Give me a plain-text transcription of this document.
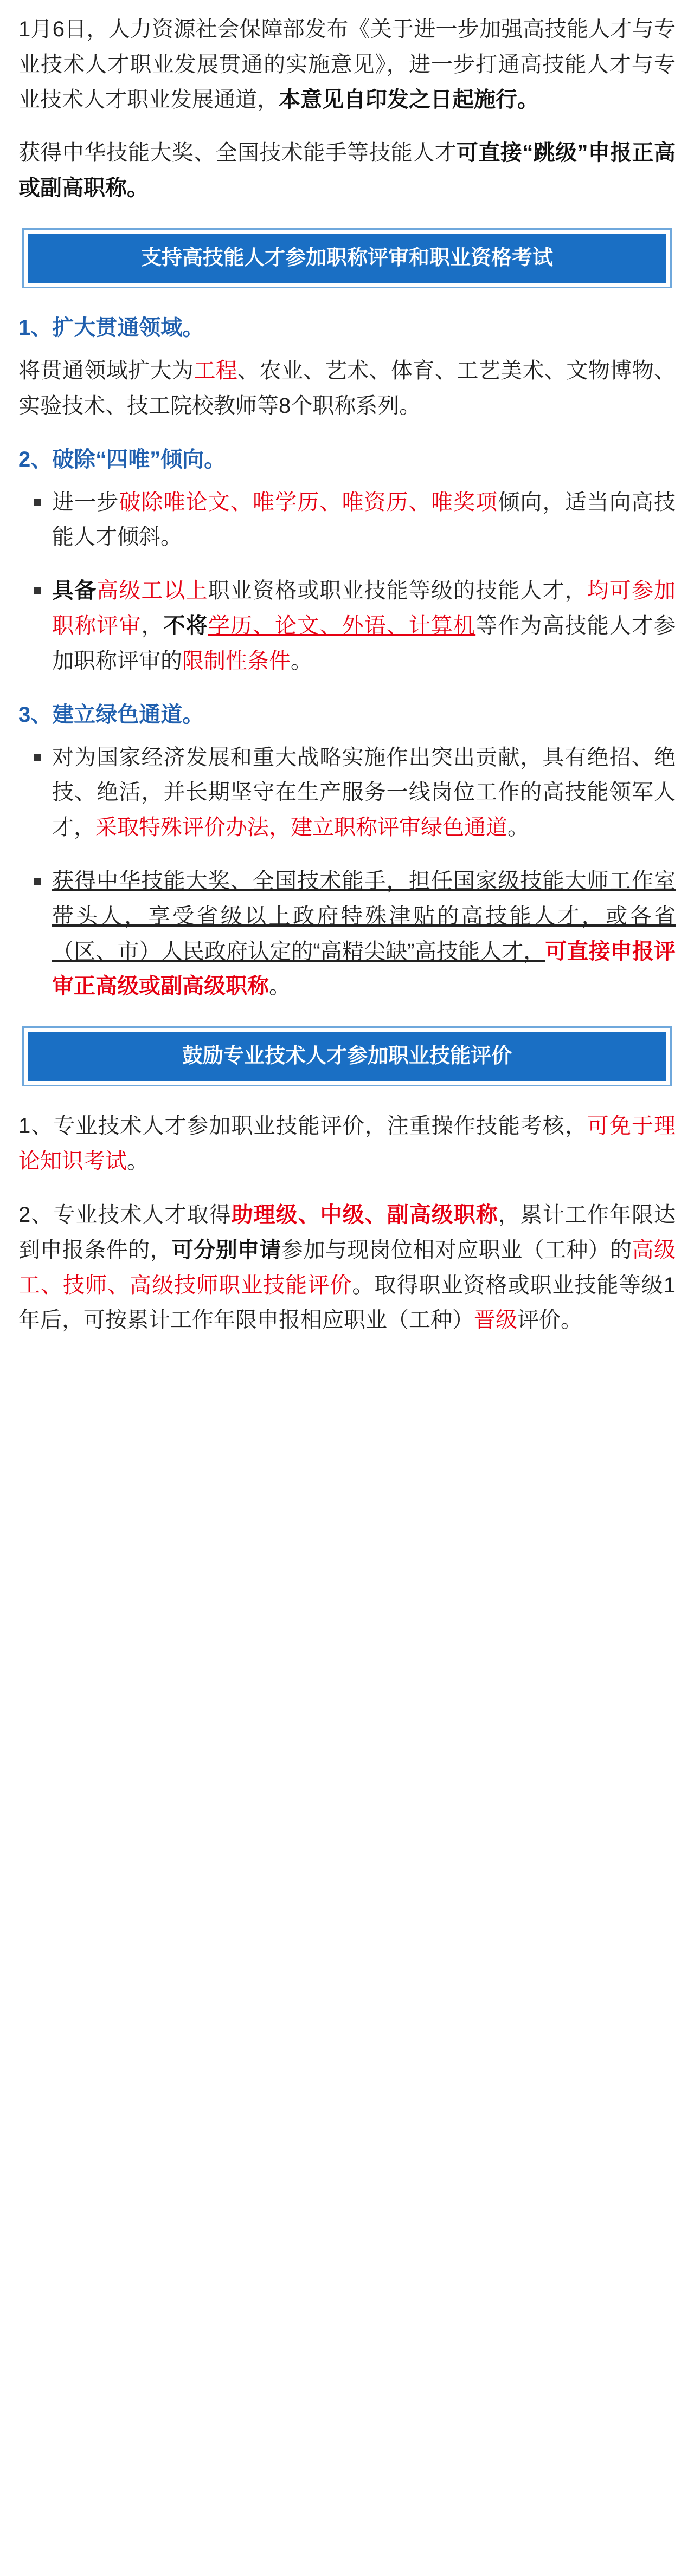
1月6日，人力资源社会保障部发布《关于进一步加强高技能人才与专业技术人才职业发展贯通的实施意见》，进一步打通高技能人才与专业技术人才职业发展通道，本意见自印发之日起施行。

获得中华技能大奖、全国技术能手等技能人才可直接“跳级”申报正高或副高职称。

支持高技能人才参加职称评审和职业资格考试
1、扩大贯通领域。

将贯通领域扩大为工程、农业、艺术、体育、工艺美术、文物博物、实验技术、技工院校教师等8个职称系列。

2、破除“四唯”倾向。
进一步破除唯论文、唯学历、唯资历、唯奖项倾向，适当向高技能人才倾斜。
具备高级工以上职业资格或职业技能等级的技能人才，均可参加职称评审，不将学历、论文、外语、计算机等作为高技能人才参加职称评审的限制性条件。
3、建立绿色通道。
对为国家经济发展和重大战略实施作出突出贡献，具有绝招、绝技、绝活，并长期坚守在生产服务一线岗位工作的高技能领军人才，采取特殊评价办法，建立职称评审绿色通道。
获得中华技能大奖、全国技术能手，担任国家级技能大师工作室带头人，享受省级以上政府特殊津贴的高技能人才，或各省（区、市）人民政府认定的“高精尖缺”高技能人才，可直接申报评审正高级或副高级职称。
鼓励专业技术人才参加职业技能评价

1、专业技术人才参加职业技能评价，注重操作技能考核，可免于理论知识考试。

2、专业技术人才取得助理级、中级、副高级职称，累计工作年限达到申报条件的，可分别申请参加与现岗位相对应职业（工种）的高级工、技师、高级技师职业技能评价。取得职业资格或职业技能等级1年后，可按累计工作年限申报相应职业（工种）晋级评价。
